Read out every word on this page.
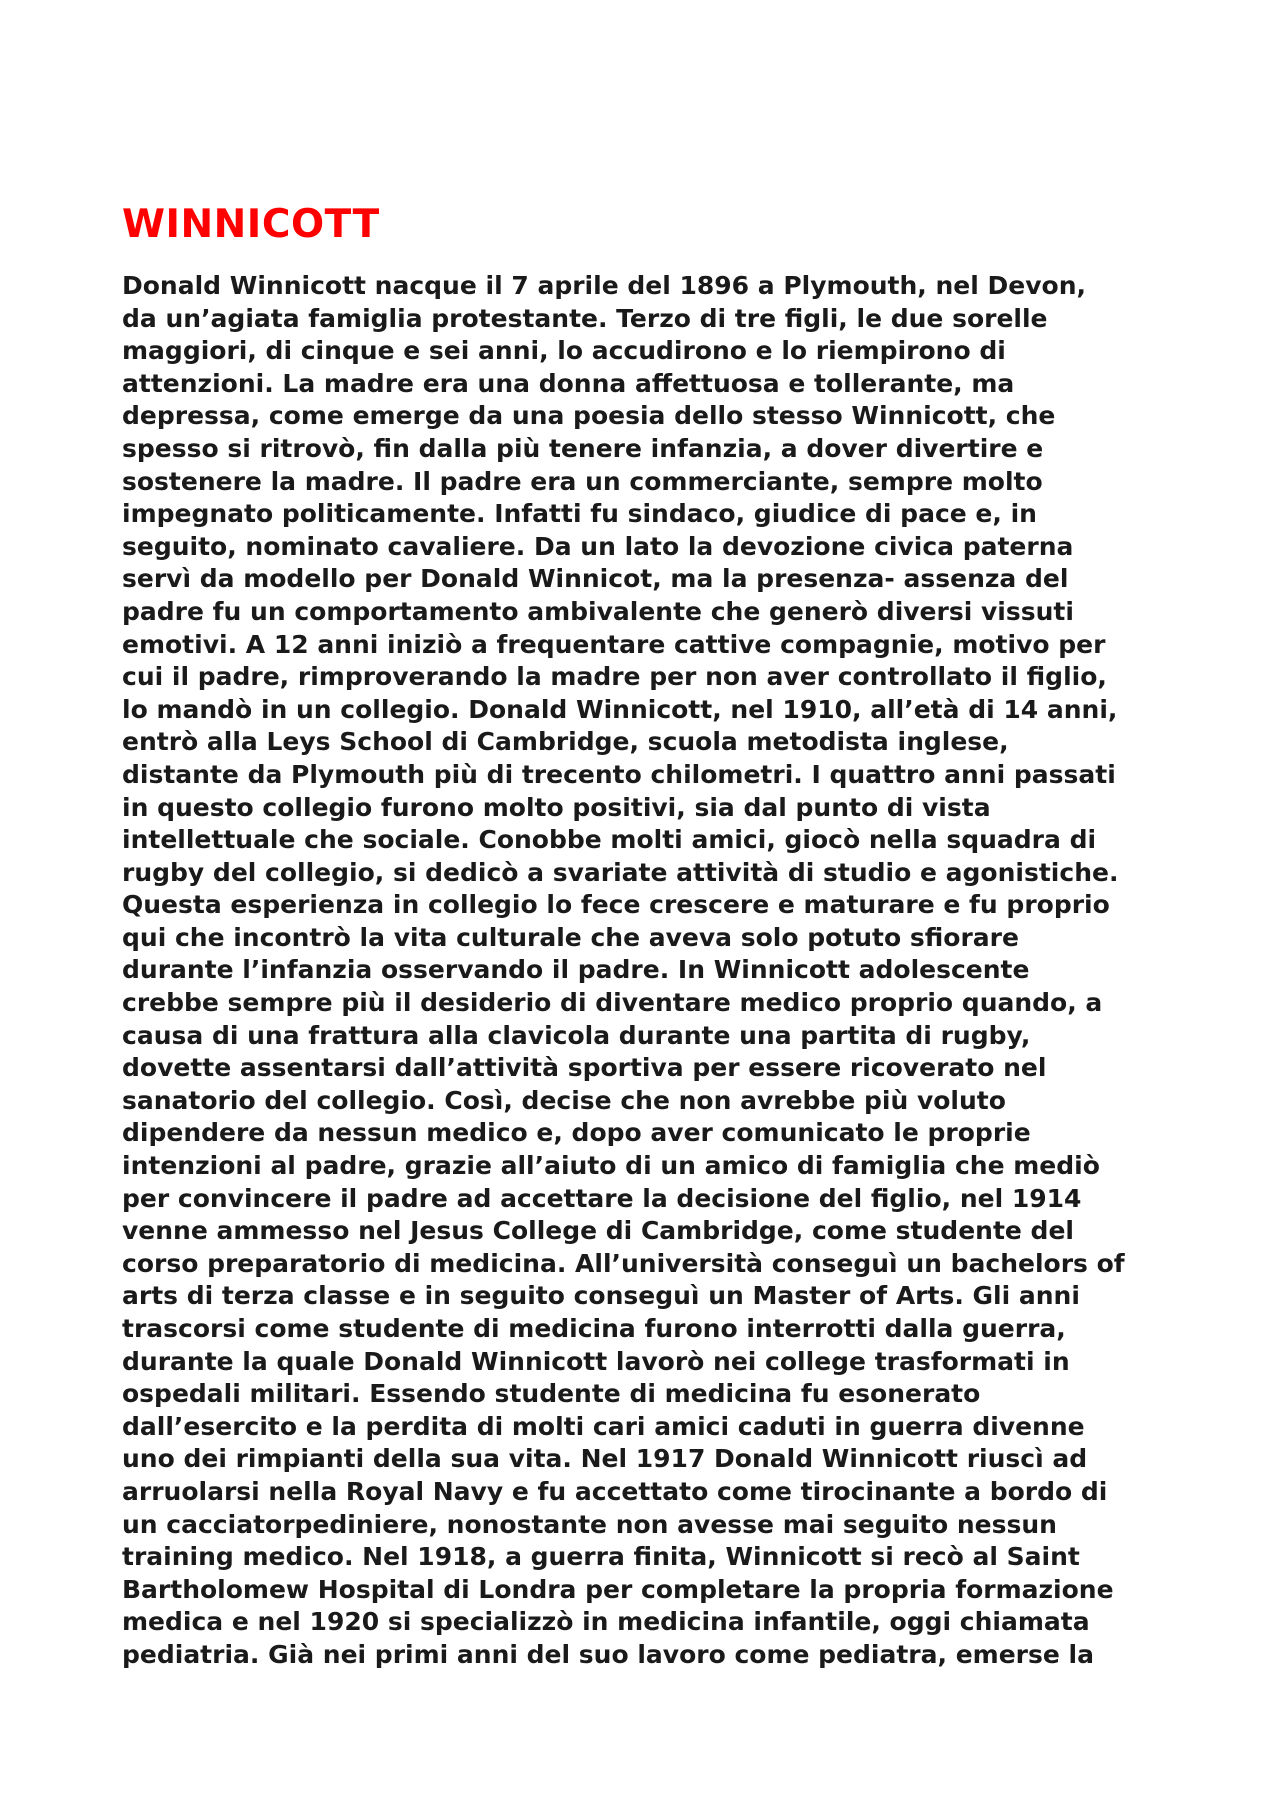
WINNICOTT
Donald Winnicott nacque il 7 aprile del 1896 a Plymouth, nel Devon,
da un’agiata famiglia protestante. Terzo di tre figli, le due sorelle
maggiori, di cinque e sei anni, lo accudirono e lo riempirono di
attenzioni. La madre era una donna affettuosa e tollerante, ma
depressa, come emerge da una poesia dello stesso Winnicott, che
spesso si ritrovò, fin dalla più tenere infanzia, a dover divertire e
sostenere la madre. Il padre era un commerciante, sempre molto
impegnato politicamente. Infatti fu sindaco, giudice di pace e, in
seguito, nominato cavaliere. Da un lato la devozione civica paterna
servì da modello per Donald Winnicot, ma la presenza- assenza del
padre fu un comportamento ambivalente che generò diversi vissuti
emotivi. A 12 anni iniziò a frequentare cattive compagnie, motivo per
cui il padre, rimproverando la madre per non aver controllato il figlio,
lo mandò in un collegio. Donald Winnicott, nel 1910, all’età di 14 anni,
entrò alla Leys School di Cambridge, scuola metodista inglese,
distante da Plymouth più di trecento chilometri. I quattro anni passati
in questo collegio furono molto positivi, sia dal punto di vista
intellettuale che sociale. Conobbe molti amici, giocò nella squadra di
rugby del collegio, si dedicò a svariate attività di studio e agonistiche.
Questa esperienza in collegio lo fece crescere e maturare e fu proprio
qui che incontrò la vita culturale che aveva solo potuto sfiorare
durante l’infanzia osservando il padre. In Winnicott adolescente
crebbe sempre più il desiderio di diventare medico proprio quando, a
causa di una frattura alla clavicola durante una partita di rugby,
dovette assentarsi dall’attività sportiva per essere ricoverato nel
sanatorio del collegio. Così, decise che non avrebbe più voluto
dipendere da nessun medico e, dopo aver comunicato le proprie
intenzioni al padre, grazie all’aiuto di un amico di famiglia che mediò
per convincere il padre ad accettare la decisione del figlio, nel 1914
venne ammesso nel Jesus College di Cambridge, come studente del
corso preparatorio di medicina. All’università conseguì un bachelors of
arts di terza classe e in seguito conseguì un Master of Arts. Gli anni
trascorsi come studente di medicina furono interrotti dalla guerra,
durante la quale Donald Winnicott lavorò nei college trasformati in
ospedali militari. Essendo studente di medicina fu esonerato
dall’esercito e la perdita di molti cari amici caduti in guerra divenne
uno dei rimpianti della sua vita. Nel 1917 Donald Winnicott riuscì ad
arruolarsi nella Royal Navy e fu accettato come tirocinante a bordo di
un cacciatorpediniere, nonostante non avesse mai seguito nessun
training medico. Nel 1918, a guerra finita, Winnicott si recò al Saint
Bartholomew Hospital di Londra per completare la propria formazione
medica e nel 1920 si specializzò in medicina infantile, oggi chiamata
pediatria. Già nei primi anni del suo lavoro come pediatra, emerse la
